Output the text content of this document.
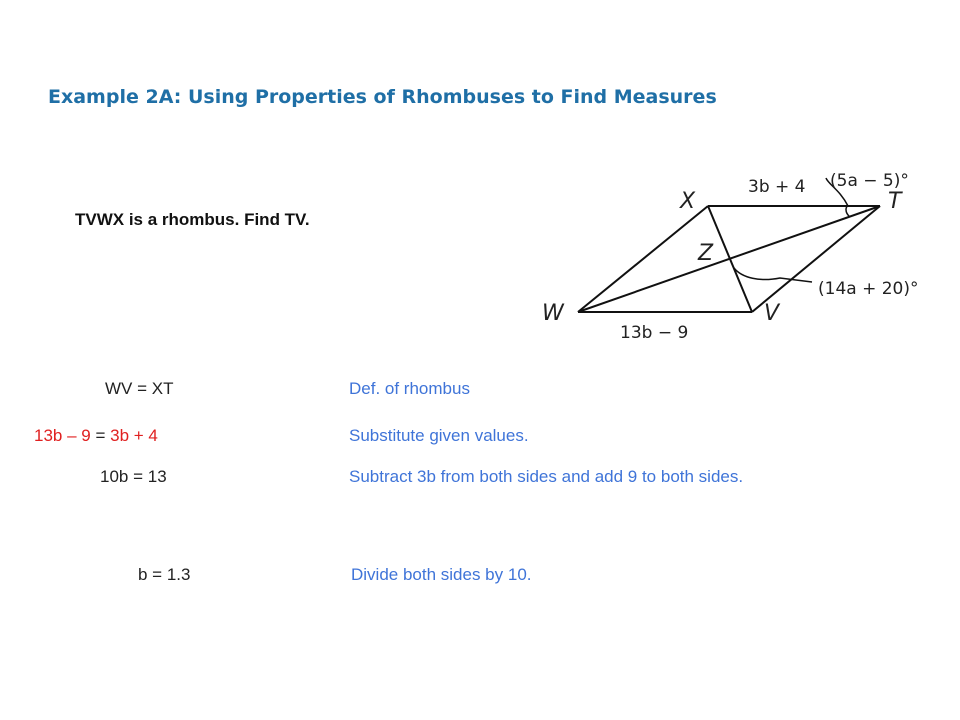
Example 2A: Using Properties of Rhombuses to Find Measures
TVWX is a rhombus. Find TV.
X	T
W	V
Z
3b + 4
13b − 9
(5a − 5)°
(14a + 20)°
WV = XT	Def. of rhombus
13b – 9 = 3b + 4	Substitute given values.
10b = 13	Subtract 3b from both sides and add 9 to both sides.
b = 1.3	Divide both sides by 10.
